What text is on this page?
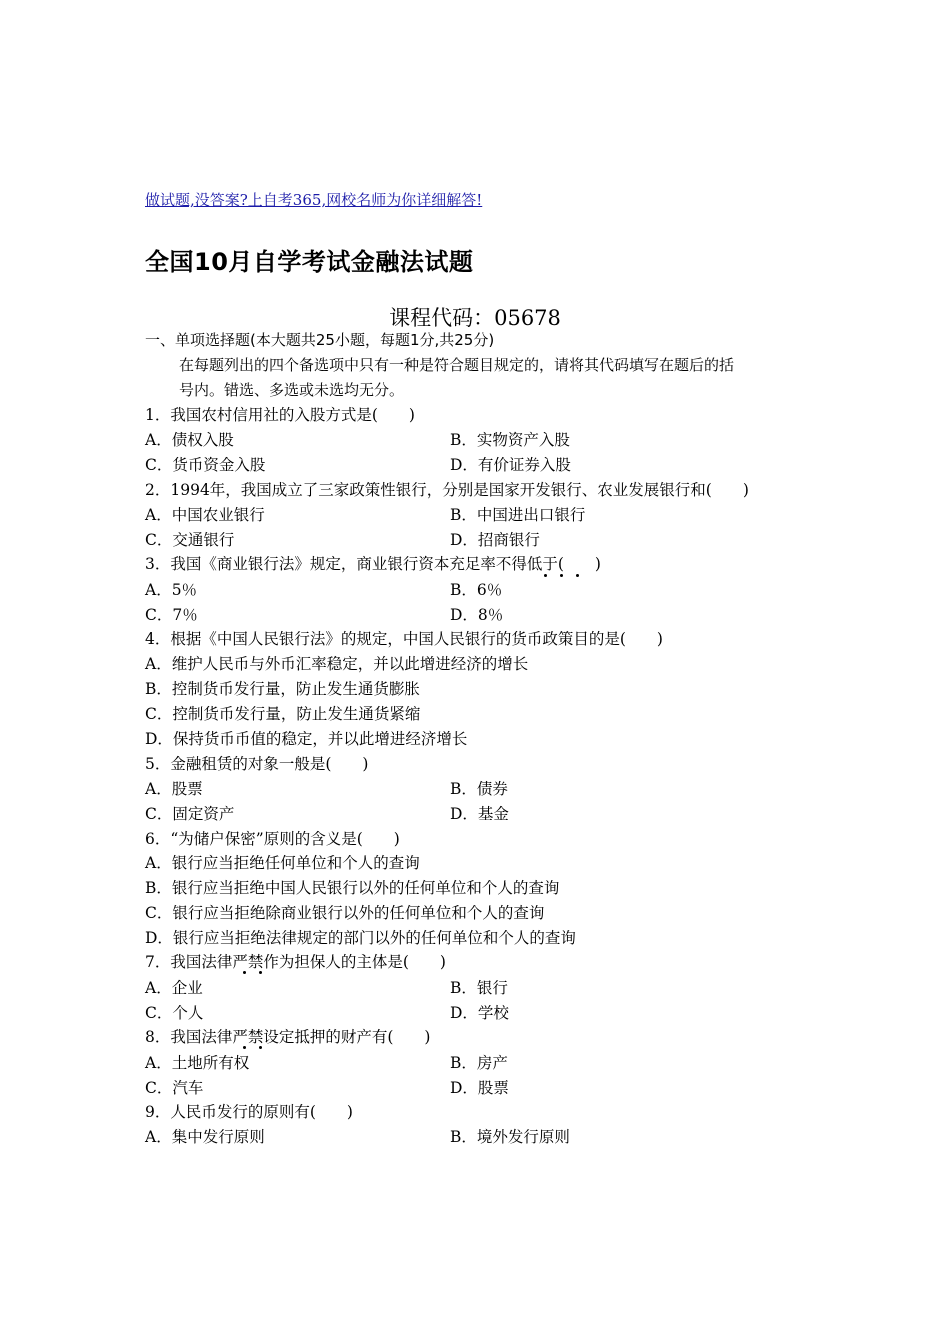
做试题,没答案?上自考365,网校名师为你详细解答!
全国10月自学考试金融法试题
课程代码：05678
一、单项选择题(本大题共25小题，每题1分,共25分)
在每题列出的四个备选项中只有一种是符合题目规定的，请将其代码填写在题后的括
号内。错选、多选或未选均无分。
1．我国农村信用社的入股方式是(　　)
A．债权入股	B．实物资产入股
C．货币资金入股	D．有价证券入股
2．1994年，我国成立了三家政策性银行，分别是国家开发银行、农业发展银行和(　　)
A．中国农业银行	B．中国进出口银行
C．交通银行	D．招商银行
3．我国《商业银行法》规定，商业银行资本充足率不得低于(　　)
A．5％	B．6％
C．7％	D．8％
4．根据《中国人民银行法》的规定，中国人民银行的货币政策目的是(　　)
A．维护人民币与外币汇率稳定，并以此增进经济的增长
B．控制货币发行量，防止发生通货膨胀
C．控制货币发行量，防止发生通货紧缩
D．保持货币币值的稳定，并以此增进经济增长
5．金融租赁的对象一般是(　　)
A．股票	B．债券
C．固定资产	D．基金
6．“为储户保密”原则的含义是(　　)
A．银行应当拒绝任何单位和个人的查询
B．银行应当拒绝中国人民银行以外的任何单位和个人的查询
C．银行应当拒绝除商业银行以外的任何单位和个人的查询
D．银行应当拒绝法律规定的部门以外的任何单位和个人的查询
7．我国法律严禁作为担保人的主体是(　　)
A．企业	B．银行
C．个人	D．学校
8．我国法律严禁设定抵押的财产有(　　)
A．土地所有权	B．房产
C．汽车	D．股票
9．人民币发行的原则有(　　)
A．集中发行原则	B．境外发行原则
